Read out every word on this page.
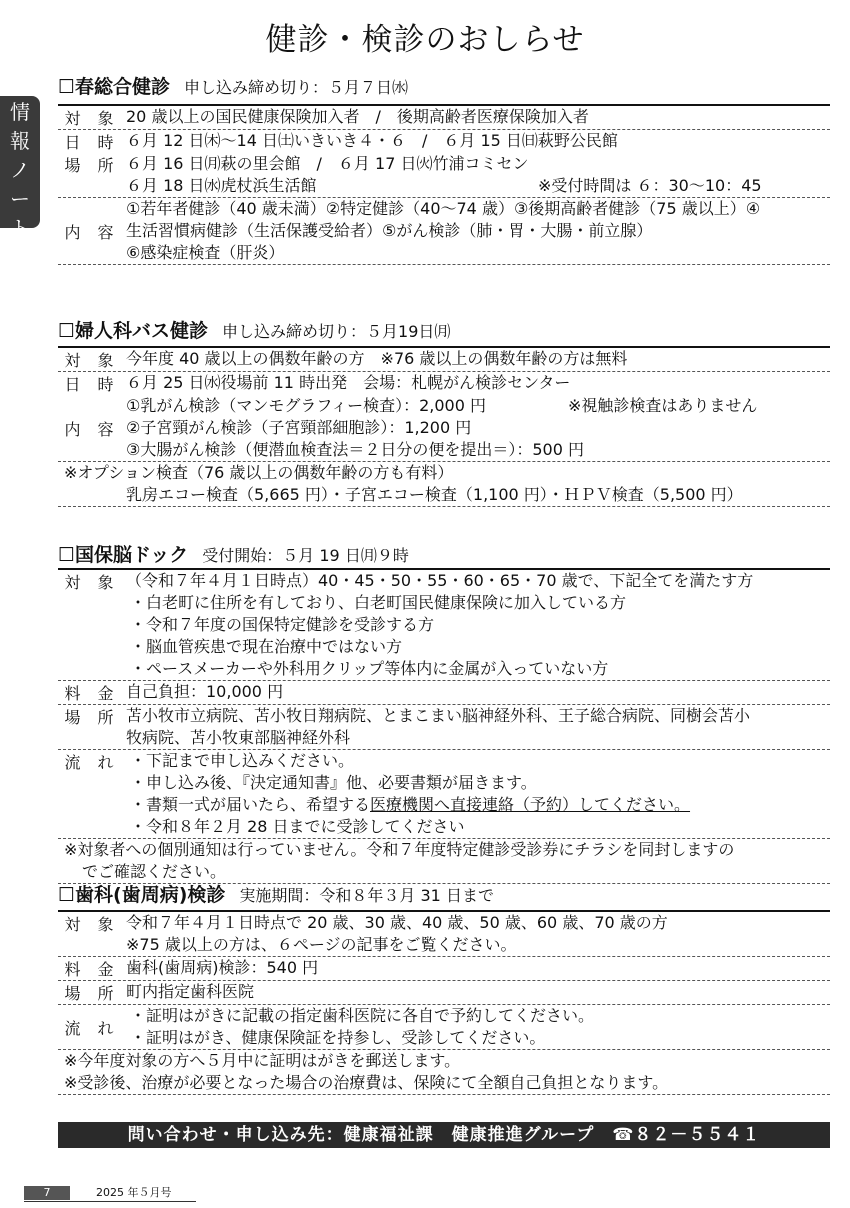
健診・検診のおしらせ
情
報
ノ
ー
ト
☐春総合健診 申し込み締め切り：５月７日㈬
対 象 20 歳以上の国民健康保険加入者　/　後期高齢者医療保険加入者
日 時 ６月 12 日㈭〜14 日㈯いきいき４・６　/　６月 15 日㈰萩野公民館
場 所 ６月 16 日㈪萩の里会館　/　６月 17 日㈫竹浦コミセン
６月 18 日㈬虎杖浜生活館	※受付時間は ６：30〜10：45
内 容
①若年者健診（40 歳未満）②特定健診（40〜74 歳）③後期高齢者健診（75 歳以上）④
生活習慣病健診（生活保護受給者）⑤がん検診（肺・胃・大腸・前立腺）
⑥感染症検査（肝炎）
☐婦人科バス健診 申し込み締め切り：５月19日㈪
対 象 今年度 40 歳以上の偶数年齢の方　※76 歳以上の偶数年齢の方は無料
日 時 ６月 25 日㈬役場前 11 時出発　会場：札幌がん検診センター
内 容
①乳がん検診（マンモグラフィー検査）：2,000 円	※視触診検査はありません
②子宮頸がん検診（子宮頸部細胞診）：1,200 円
③大腸がん検診（便潜血検査法＝２日分の便を提出＝）：500 円
※オプション検査（76 歳以上の偶数年齢の方も有料）
乳房エコー検査（5,665 円）・子宮エコー検査（1,100 円）・ＨＰＶ検査（5,500 円）
☐国保脳ドック 受付開始：５月 19 日㈪９時
対 象 （令和７年４月１日時点）40・45・50・55・60・65・70 歳で、下記全てを満たす方
・白老町に住所を有しており、白老町国民健康保険に加入している方
・令和７年度の国保特定健診を受診する方
・脳血管疾患で現在治療中ではない方
・ペースメーカーや外科用クリップ等体内に金属が入っていない方
料 金 自己負担：10,000 円
場 所 苫小牧市立病院、苫小牧日翔病院、とまこまい脳神経外科、王子総合病院、同樹会苫小
牧病院、苫小牧東部脳神経外科
流 れ ・下記まで申し込みください。
・申し込み後、『決定通知書』他、必要書類が届きます。
・書類一式が届いたら、希望する医療機関へ直接連絡（予約）してください。
・令和８年２月 28 日までに受診してください
※対象者への個別通知は行っていません。令和７年度特定健診受診券にチラシを同封しますの
でご確認ください。
☐歯科(歯周病)検診 実施期間：令和８年３月 31 日まで
対 象 令和７年４月１日時点で 20 歳、30 歳、40 歳、50 歳、60 歳、70 歳の方
※75 歳以上の方は、６ページの記事をご覧ください。
料 金 歯科(歯周病)検診：540 円
場 所 町内指定歯科医院
流 れ
・証明はがきに記載の指定歯科医院に各自で予約してください。
・証明はがき、健康保険証を持参し、受診してください。
※今年度対象の方へ５月中に証明はがきを郵送します。
※受診後、治療が必要となった場合の治療費は、保険にて全額自己負担となります。
問い合わせ・申し込み先：健康福祉課　健康推進グループ　☎８２－５５４１
7	2025 年５月号
